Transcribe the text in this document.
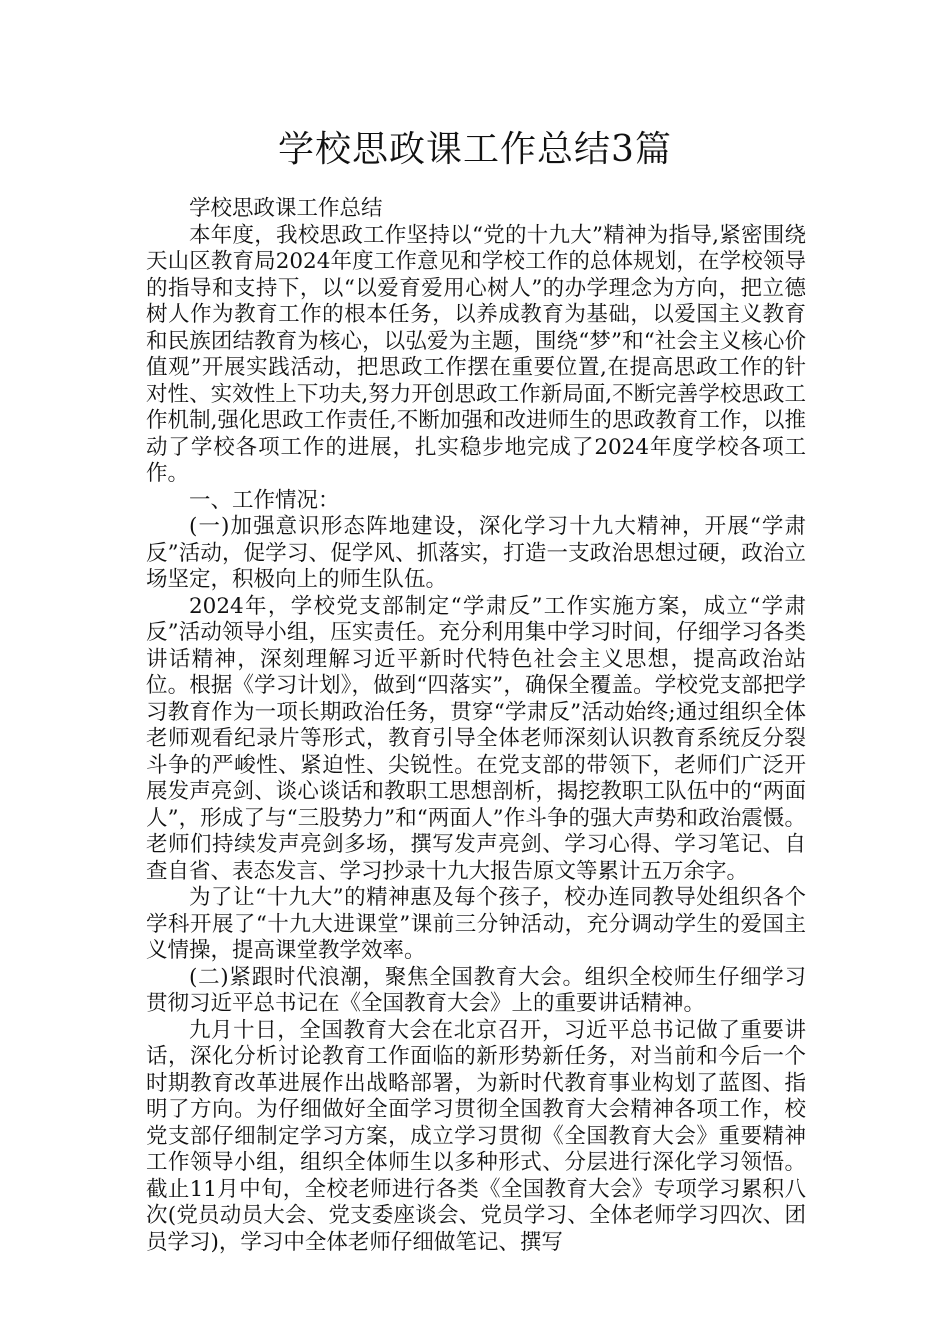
学校思政课工作总结3篇

学校思政课工作总结

本年度，我校思政工作坚持以“党的十九大”精神为指导,紧密围绕天山区教育局2024年度工作意见和学校工作的总体规划，在学校领导的指导和支持下，以“以爱育爱用心树人”的办学理念为方向，把立德树人作为教育工作的根本任务，以养成教育为基础，以爱国主义教育和民族团结教育为核心，以弘爱为主题，围绕“梦”和“社会主义核心价值观”开展实践活动，把思政工作摆在重要位置,在提高思政工作的针对性、实效性上下功夫,努力开创思政工作新局面,不断完善学校思政工作机制,强化思政工作责任,不断加强和改进师生的思政教育工作，以推动了学校各项工作的进展，扎实稳步地完成了2024年度学校各项工作。

一、工作情况：

(一)加强意识形态阵地建设，深化学习十九大精神，开展“学肃反”活动，促学习、促学风、抓落实，打造一支政治思想过硬，政治立场坚定，积极向上的师生队伍。

2024年，学校党支部制定“学肃反”工作实施方案，成立“学肃反”活动领导小组，压实责任。充分利用集中学习时间，仔细学习各类讲话精神，深刻理解习近平新时代特色社会主义思想，提高政治站位。根据《学习计划》，做到“四落实”，确保全覆盖。学校党支部把学习教育作为一项长期政治任务，贯穿“学肃反”活动始终;通过组织全体老师观看纪录片等形式，教育引导全体老师深刻认识教育系统反分裂斗争的严峻性、紧迫性、尖锐性。在党支部的带领下，老师们广泛开展发声亮剑、谈心谈话和教职工思想剖析，揭挖教职工队伍中的“两面人”，形成了与“三股势力”和“两面人”作斗争的强大声势和政治震慑。老师们持续发声亮剑多场，撰写发声亮剑、学习心得、学习笔记、自查自省、表态发言、学习抄录十九大报告原文等累计五万余字。

为了让“十九大”的精神惠及每个孩子，校办连同教导处组织各个学科开展了“十九大进课堂”课前三分钟活动，充分调动学生的爱国主义情操，提高课堂教学效率。

(二)紧跟时代浪潮，聚焦全国教育大会。组织全校师生仔细学习贯彻习近平总书记在《全国教育大会》上的重要讲话精神。

九月十日，全国教育大会在北京召开，习近平总书记做了重要讲话，深化分析讨论教育工作面临的新形势新任务，对当前和今后一个时期教育改革进展作出战略部署，为新时代教育事业构划了蓝图、指明了方向。为仔细做好全面学习贯彻全国教育大会精神各项工作，校党支部仔细制定学习方案，成立学习贯彻《全国教育大会》重要精神工作领导小组，组织全体师生以多种形式、分层进行深化学习领悟。截止11月中旬，全校老师进行各类《全国教育大会》专项学习累积八次(党员动员大会、党支委座谈会、党员学习、全体老师学习四次、团员学习)，学习中全体老师仔细做笔记、撰写
